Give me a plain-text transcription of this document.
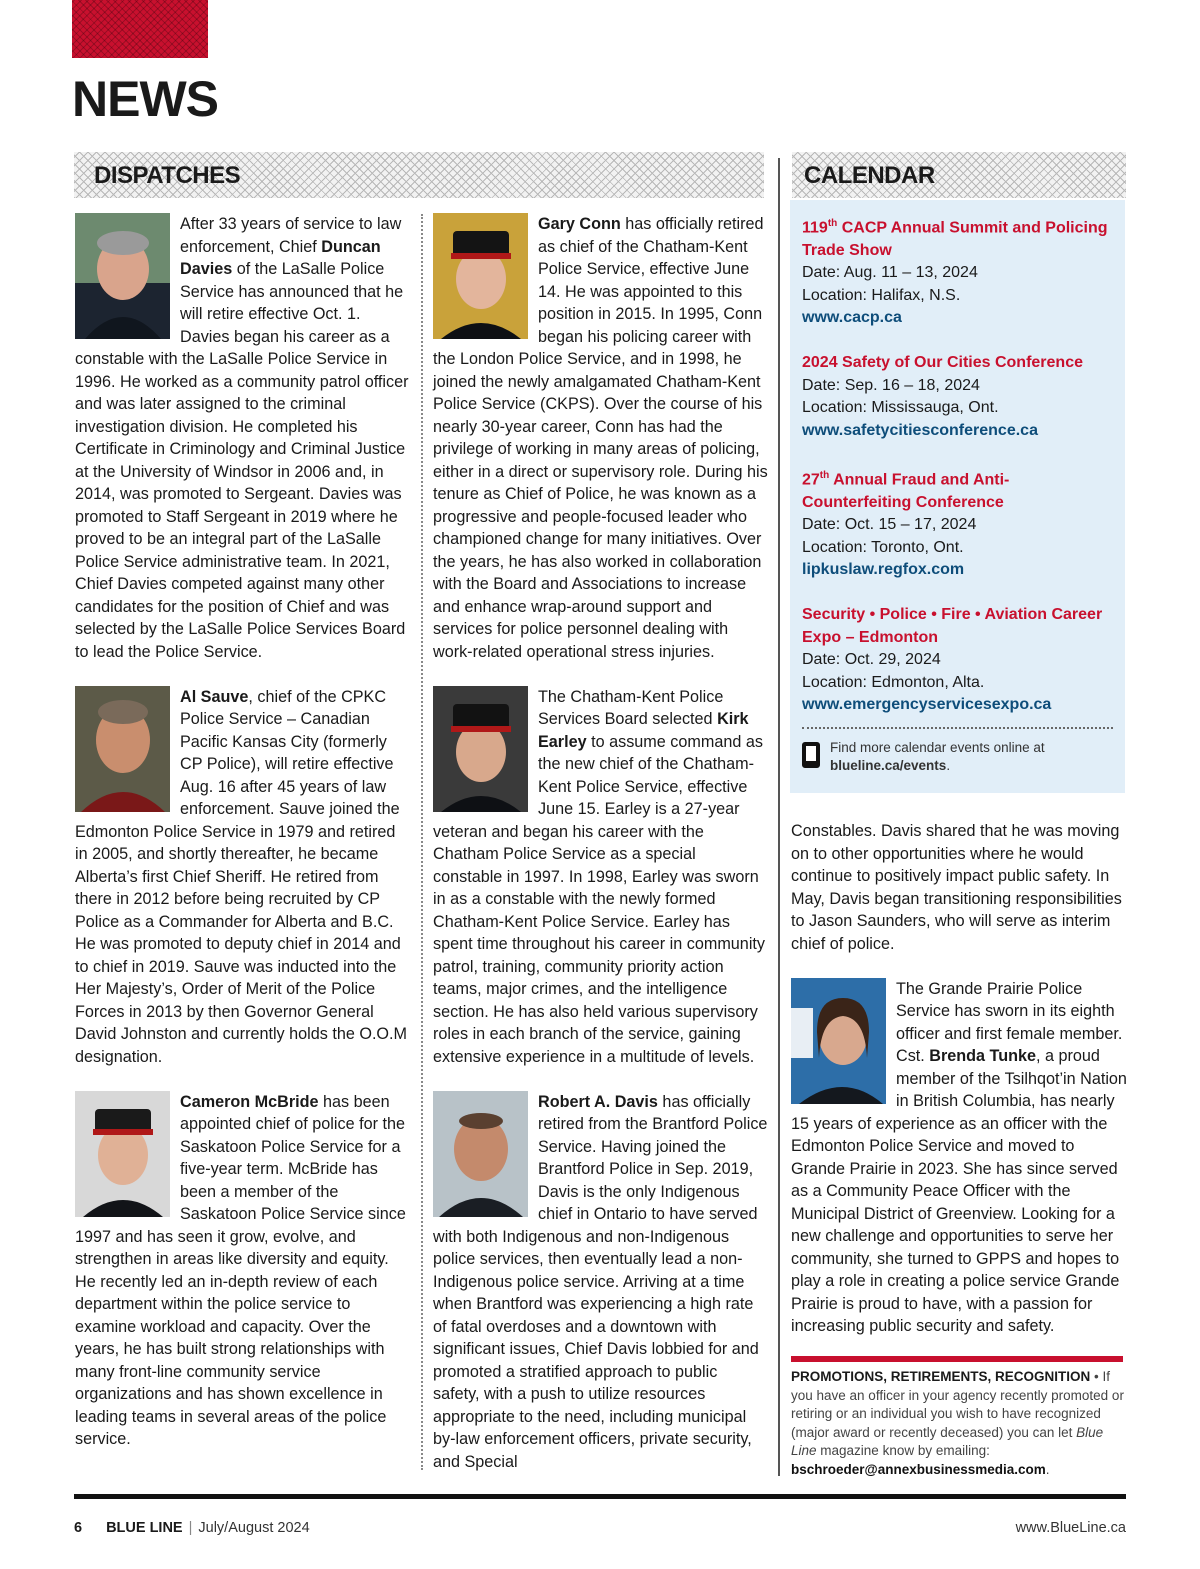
NEWS
DISPATCHES	CALENDAR

After 33 years of service to law enforcement, Chief Duncan Davies of the LaSalle Police Service has announced that he will retire effective Oct. 1. Davies began his career as a constable with the LaSalle Police Service in 1996. He worked as a community patrol officer and was later assigned to the criminal investigation division. He completed his Certificate in Criminology and Criminal Justice at the University of Windsor in 2006 and, in 2014, was promoted to Sergeant. Davies was promoted to Staff Sergeant in 2019 where he proved to be an integral part of the LaSalle Police Service administrative team. In 2021, Chief Davies competed against many other candidates for the position of Chief and was selected by the LaSalle Police Services Board to lead the Police Service.

Al Sauve, chief of the CPKC Police Service – Canadian Pacific Kansas City (formerly CP Police), will retire effective Aug. 16 after 45 years of law enforcement. Sauve joined the Edmonton Police Service in 1979 and retired in 2005, and shortly thereafter, he became Alberta’s first Chief Sheriff. He retired from there in 2012 before being recruited by CP Police as a Commander for Alberta and B.C. He was promoted to deputy chief in 2014 and to chief in 2019. Sauve was inducted into the Her Majesty’s, Order of Merit of the Police Forces in 2013 by then Governor General David Johnston and currently holds the O.O.M designation.

Cameron McBride has been appointed chief of police for the Saskatoon Police Service for a five-year term. McBride has been a member of the Saskatoon Police Service since 1997 and has seen it grow, evolve, and strengthen in areas like diversity and equity. He recently led an in-depth review of each department within the police service to examine workload and capacity. Over the years, he has built strong relationships with many front-line community service organizations and has shown excellence in leading teams in several areas of the police service.

Gary Conn has officially retired as chief of the Chatham-Kent Police Service, effective June 14. He was appointed to this position in 2015. In 1995, Conn began his policing career with the London Police Service, and in 1998, he joined the newly amalgamated Chatham-Kent Police Service (CKPS). Over the course of his nearly 30-year career, Conn has had the privilege of working in many areas of policing, either in a direct or supervisory role. During his tenure as Chief of Police, he was known as a progressive and people-focused leader who championed change for many initiatives. Over the years, he has also worked in collaboration with the Board and Associations to increase and enhance wrap-around support and services for police personnel dealing with work-related operational stress injuries.

The Chatham-Kent Police Services Board selected Kirk Earley to assume command as the new chief of the Chatham-Kent Police Service, effective June 15. Earley is a 27-year veteran and began his career with the Chatham Police Service as a special constable in 1997. In 1998, Earley was sworn in as a constable with the newly formed Chatham-Kent Police Service. Earley has spent time throughout his career in community patrol, training, community priority action teams, major crimes, and the intelligence section. He has also held various supervisory roles in each branch of the service, gaining extensive experience in a multitude of levels.

Robert A. Davis has officially retired from the Brantford Police Service. Having joined the Brantford Police in Sep. 2019, Davis is the only Indigenous chief in Ontario to have served with both Indigenous and non-Indigenous police services, then eventually lead a non-Indigenous police service. Arriving at a time when Brantford was experiencing a high rate of fatal overdoses and a downtown with significant issues, Chief Davis lobbied for and promoted a stratified approach to public safety, with a push to utilize resources appropriate to the need, including municipal by-law enforcement officers, private security, and Special

119th CACP Annual Summit and Policing Trade Show
Date: Aug. 11 – 13, 2024
Location: Halifax, N.S.
www.cacp.ca
2024 Safety of Our Cities Conference
Date: Sep. 16 – 18, 2024
Location: Mississauga, Ont.
www.safetycitiesconference.ca
27th Annual Fraud and Anti-Counterfeiting Conference
Date: Oct. 15 – 17, 2024
Location: Toronto, Ont.
lipkuslaw.regfox.com
Security • Police • Fire • Aviation Career Expo – Edmonton
Date: Oct. 29, 2024
Location: Edmonton, Alta.
www.emergencyservicesexpo.ca
Find more calendar events online at
blueline.ca/events.

Constables. Davis shared that he was moving on to other opportunities where he would continue to positively impact public safety. In May, Davis began transitioning responsibilities to Jason Saunders, who will serve as interim chief of police.

The Grande Prairie Police Service has sworn in its eighth officer and first female member. Cst. Brenda Tunke, a proud member of the Tsilhqot’in Nation in British Columbia, has nearly 15 years of experience as an officer with the Edmonton Police Service and moved to Grande Prairie in 2023. She has since served as a Community Peace Officer with the Municipal District of Greenview. Looking for a new challenge and opportunities to serve her community, she turned to GPPS and hopes to play a role in creating a police service Grande Prairie is proud to have, with a passion for increasing public security and safety.

PROMOTIONS, RETIREMENTS, RECOGNITION • If you have an officer in your agency recently promoted or retiring or an individual you wish to have recognized (major award or recently deceased) you can let Blue Line magazine know by emailing:
bschroeder@annexbusinessmedia.com.
6 BLUE LINE | July/August 2024	www.BlueLine.ca
